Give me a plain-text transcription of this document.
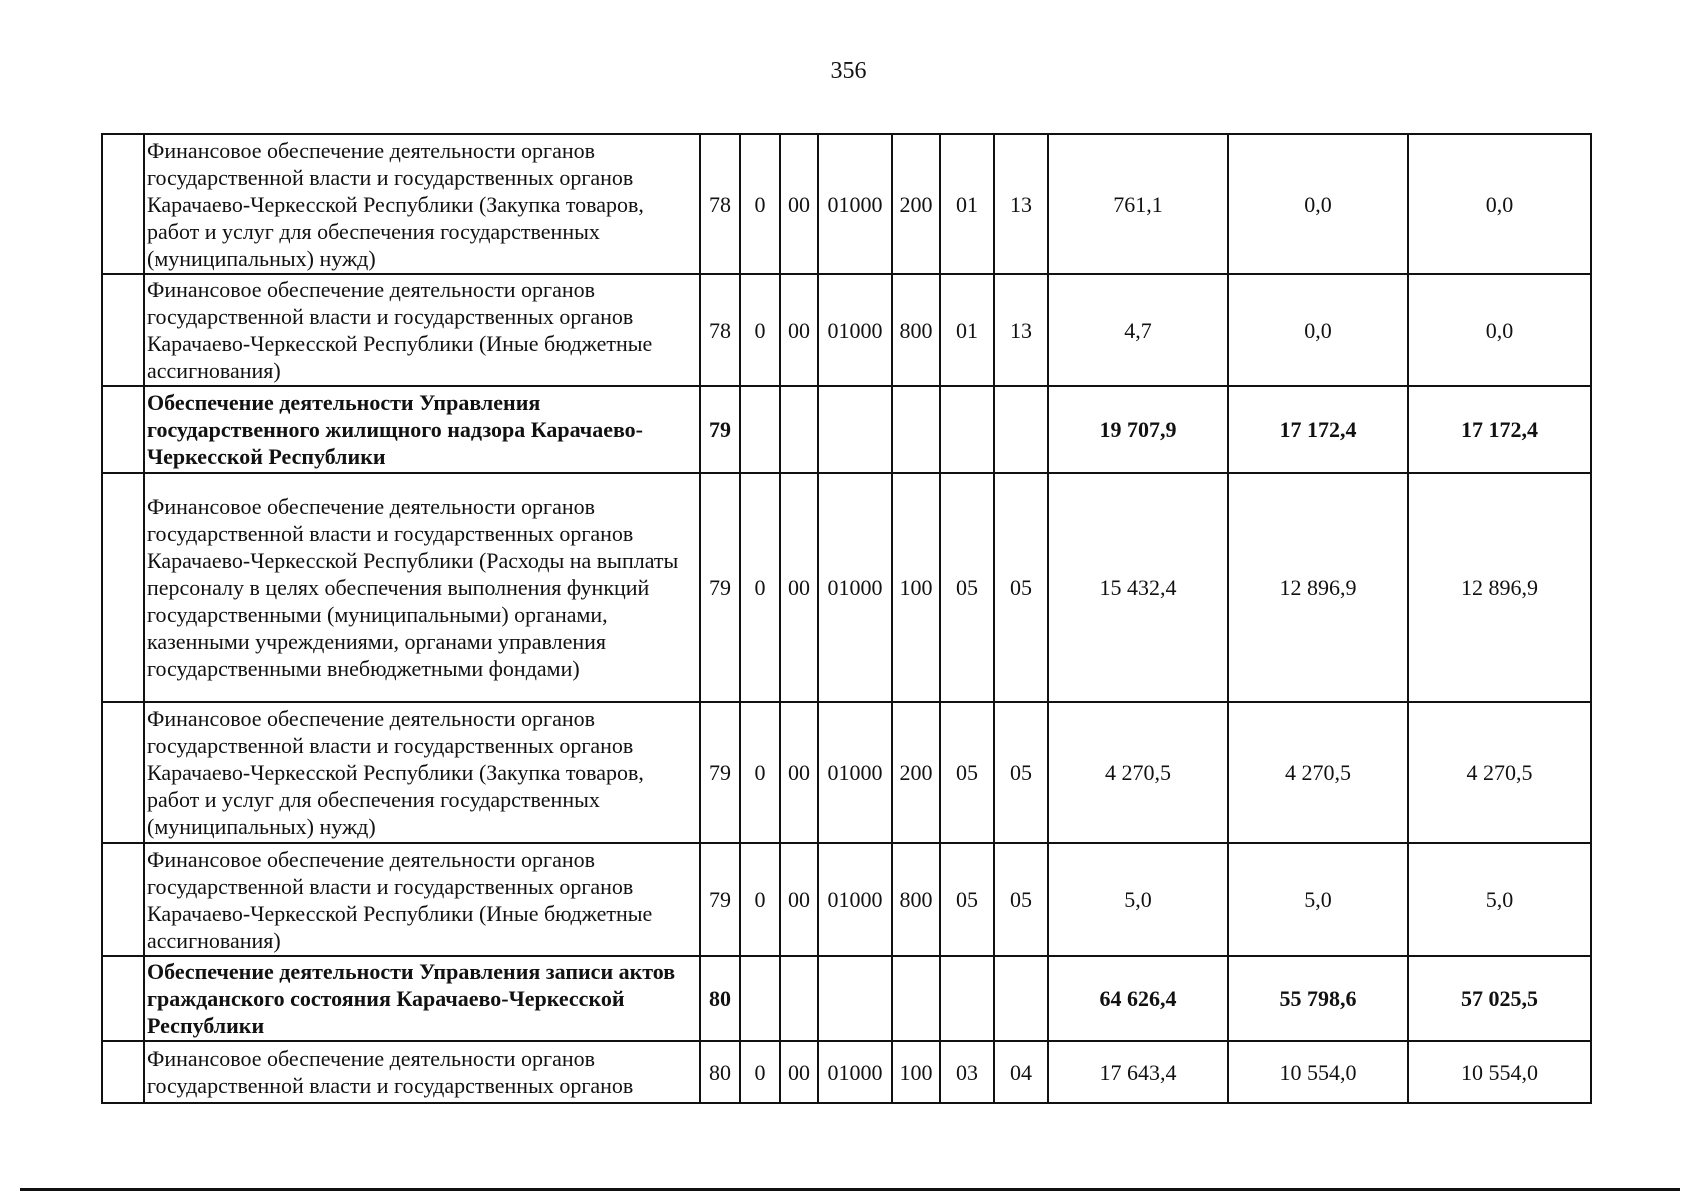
356
	Финансовое обеспечение деятельности органов государственной власти и государственных органов Карачаево-Черкесской Республики (Закупка товаров, работ и услуг для обеспечения государственных (муниципальных) нужд)	78	0	00	01000	200	01	13	761,1	0,0	0,0
	Финансовое обеспечение деятельности органов государственной власти и государственных органов Карачаево-Черкесской Республики (Иные бюджетные ассигнования)	78	0	00	01000	800	01	13	4,7	0,0	0,0
	Обеспечение деятельности Управления государственного жилищного надзора Карачаево-Черкесской Республики	79							19 707,9	17 172,4	17 172,4
	Финансовое обеспечение деятельности органов государственной власти и государственных органов Карачаево-Черкесской Республики (Расходы на выплаты персоналу в целях обеспечения выполнения функций государственными (муниципальными) органами, казенными учреждениями, органами управления государственными внебюджетными фондами)	79	0	00	01000	100	05	05	15 432,4	12 896,9	12 896,9
	Финансовое обеспечение деятельности органов государственной власти и государственных органов Карачаево-Черкесской Республики (Закупка товаров, работ и услуг для обеспечения государственных (муниципальных) нужд)	79	0	00	01000	200	05	05	4 270,5	4 270,5	4 270,5
	Финансовое обеспечение деятельности органов государственной власти и государственных органов Карачаево-Черкесской Республики (Иные бюджетные ассигнования)	79	0	00	01000	800	05	05	5,0	5,0	5,0
	Обеспечение деятельности Управления записи актов гражданского состояния Карачаево-Черкесской Республики	80							64 626,4	55 798,6	57 025,5
	Финансовое обеспечение деятельности органов государственной власти и государственных органов	80	0	00	01000	100	03	04	17 643,4	10 554,0	10 554,0
